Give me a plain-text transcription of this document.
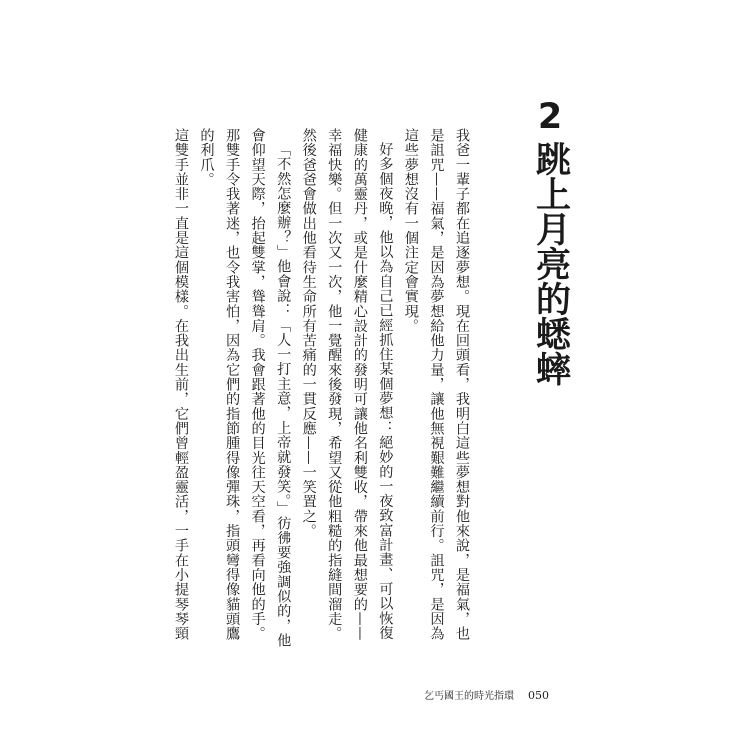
2
跳上月亮的蟋蟀

我爸一輩子都在追逐夢想。現在回頭看，我明白這些夢想對他來說，是福氣，也是詛咒——福氣，是因為夢想給他力量，讓他無視艱難繼續前行。詛咒，是因為這些夢想沒有一個注定會實現。

好多個夜晚，他以為自己已經抓住某個夢想：絕妙的一夜致富計畫、可以恢復健康的萬靈丹，或是什麼精心設計的發明可讓他名利雙收，帶來他最想要的——幸福快樂。但一次又一次，他一覺醒來後發現，希望又從他粗糙的指縫間溜走。然後爸爸會做出他看待生命所有苦痛的一貫反應——一笑置之。

「不然怎麼辦？」他會說：「人一打主意，上帝就發笑。」彷彿要強調似的，他會仰望天際，抬起雙掌，聳聳肩。我會跟著他的目光往天空看，再看向他的手。那雙手令我著迷，也令我害怕，因為它們的指節腫得像彈珠，指頭彎得像貓頭鷹的利爪。

這雙手並非一直是這個模樣。在我出生前，它們曾輕盈靈活，一手在小提琴琴頸

乞丐國王的時光指環 050
